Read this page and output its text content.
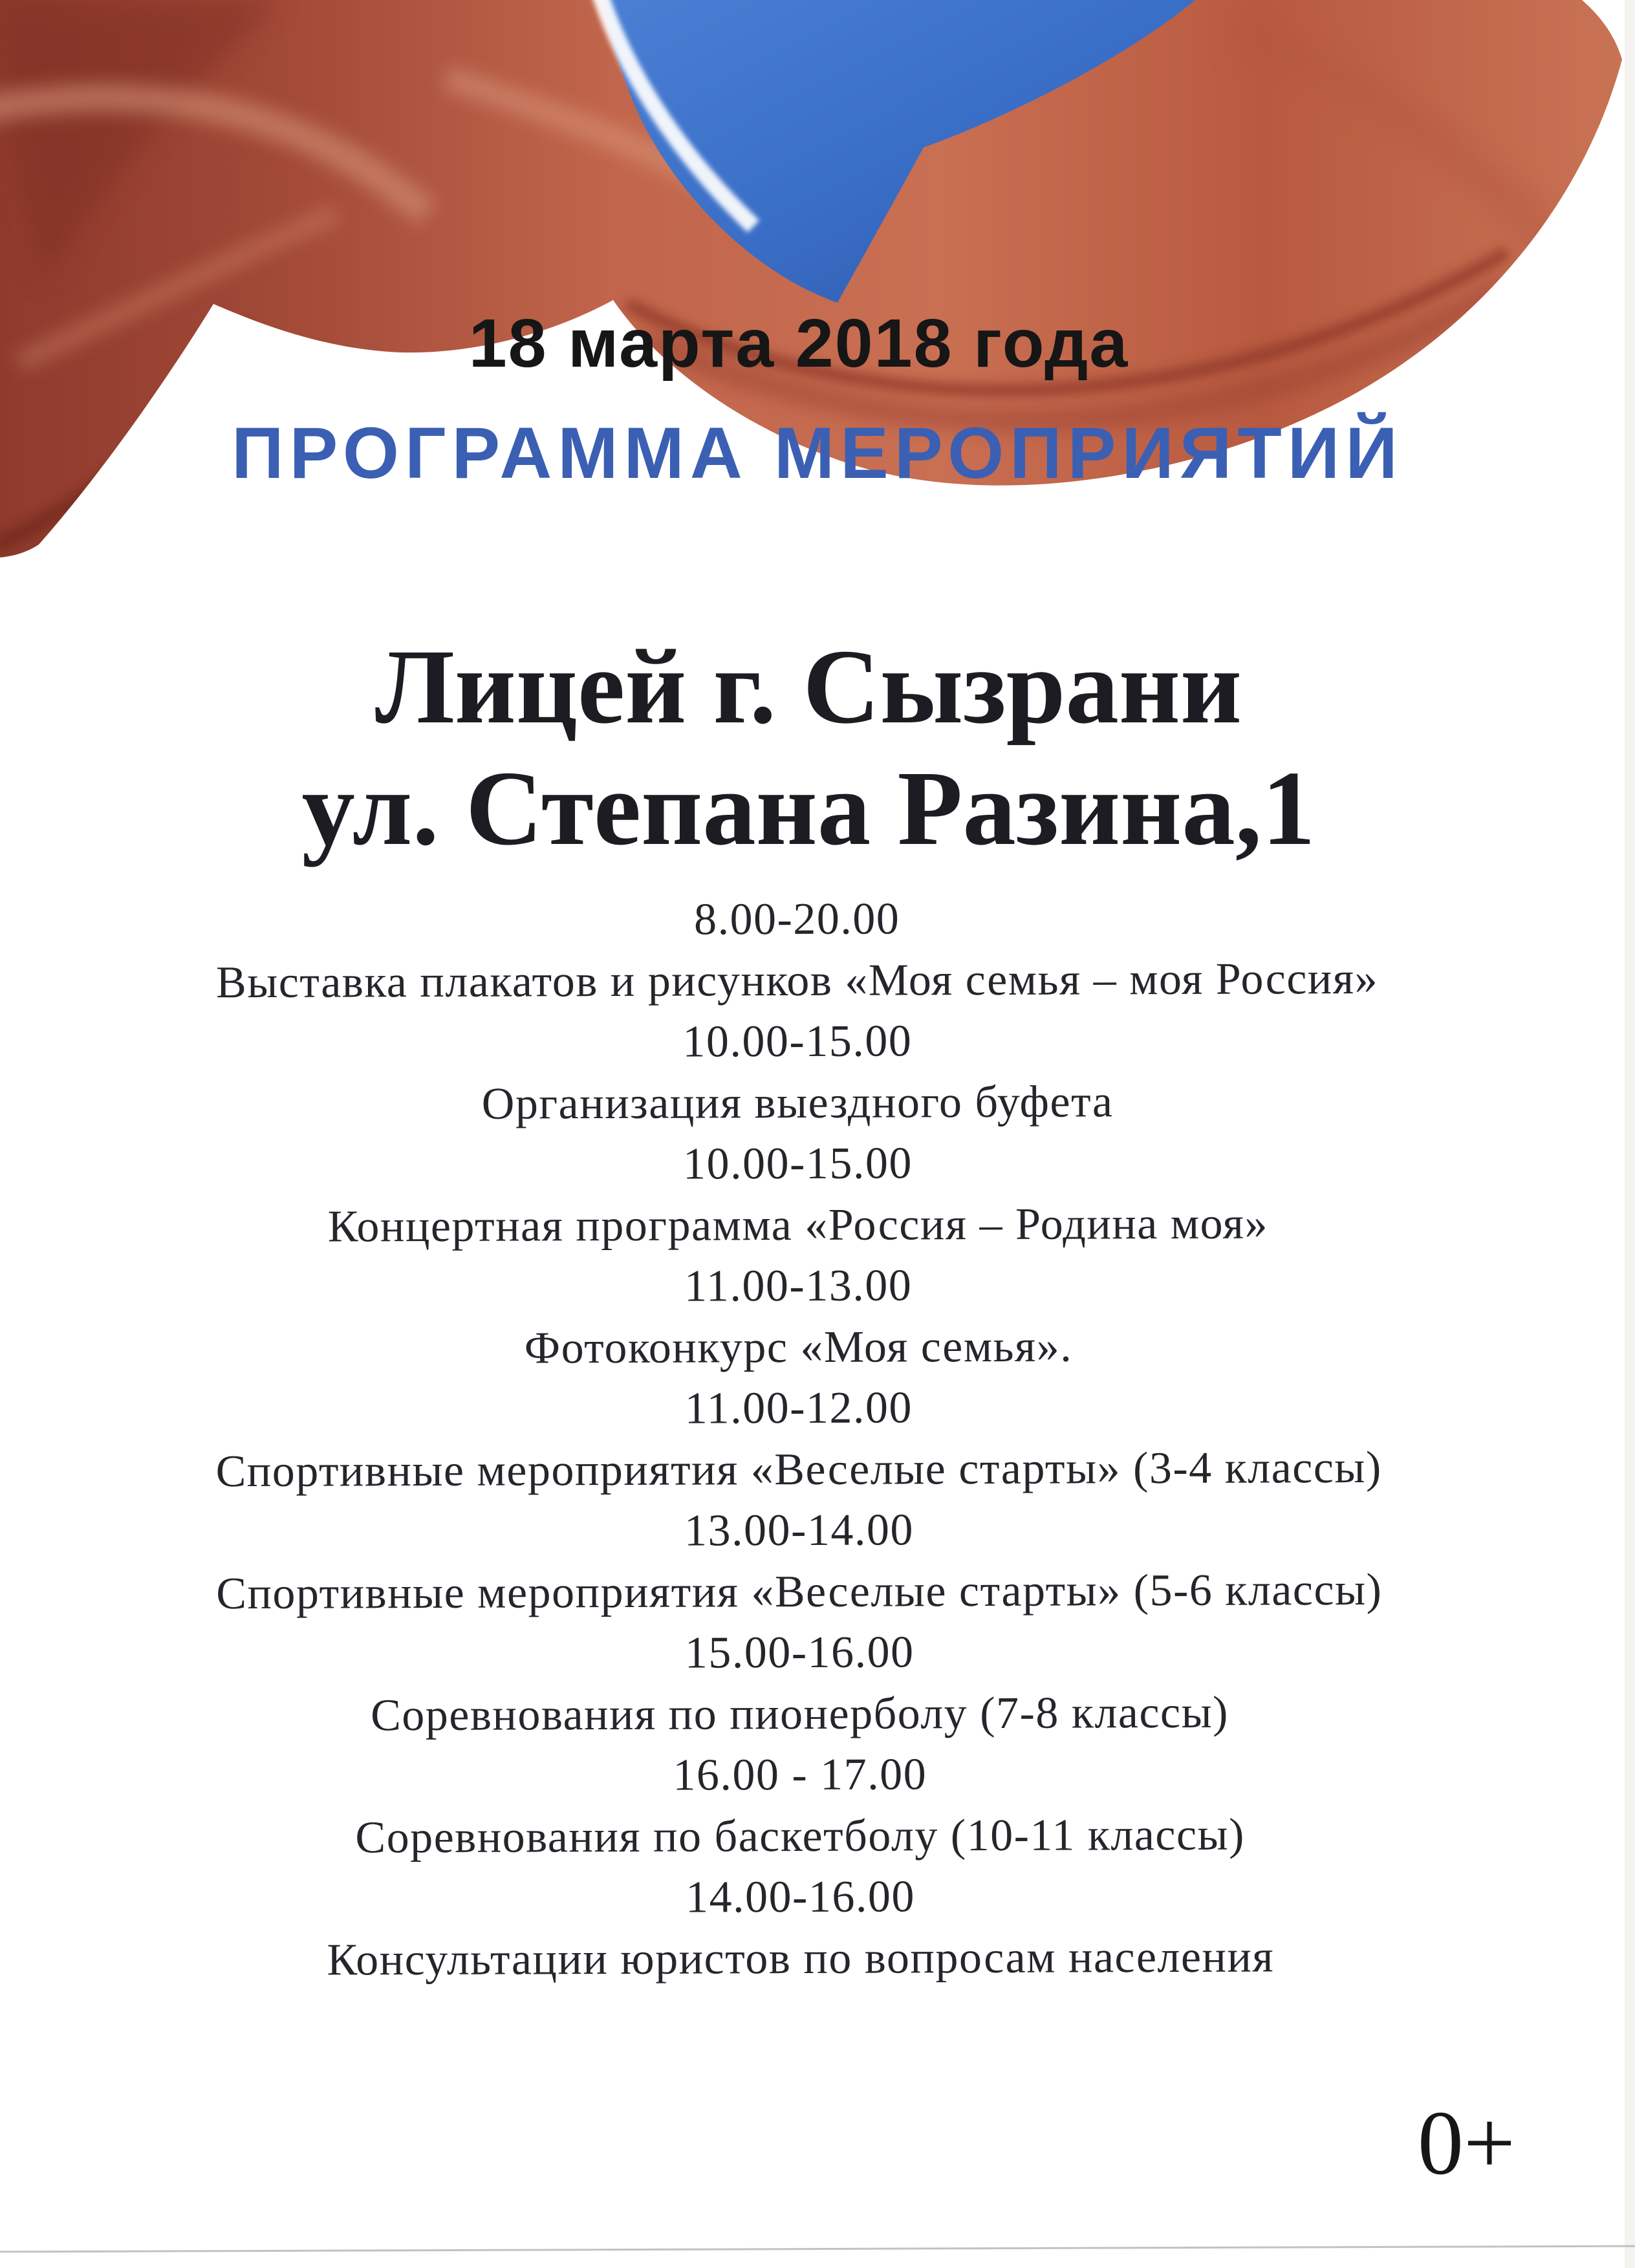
18 марта 2018 года
ПРОГРАММА МЕРОПРИЯТИЙ
Лицей г. Сызрани
ул. Степана Разина,1
8.00-20.00
Выставка плакатов и рисунков «Моя семья – моя Россия»
10.00-15.00
Организация выездного буфета
10.00-15.00
Концертная программа «Россия – Родина моя»
11.00-13.00
Фотоконкурс «Моя семья».
11.00-12.00
Спортивные мероприятия «Веселые старты» (3-4 классы)
13.00-14.00
Спортивные мероприятия «Веселые старты» (5-6 классы)
15.00-16.00
Соревнования по пионерболу (7-8 классы)
16.00 - 17.00
Соревнования по баскетболу (10-11 классы)
14.00-16.00
Консультации юристов по вопросам населения
0+
